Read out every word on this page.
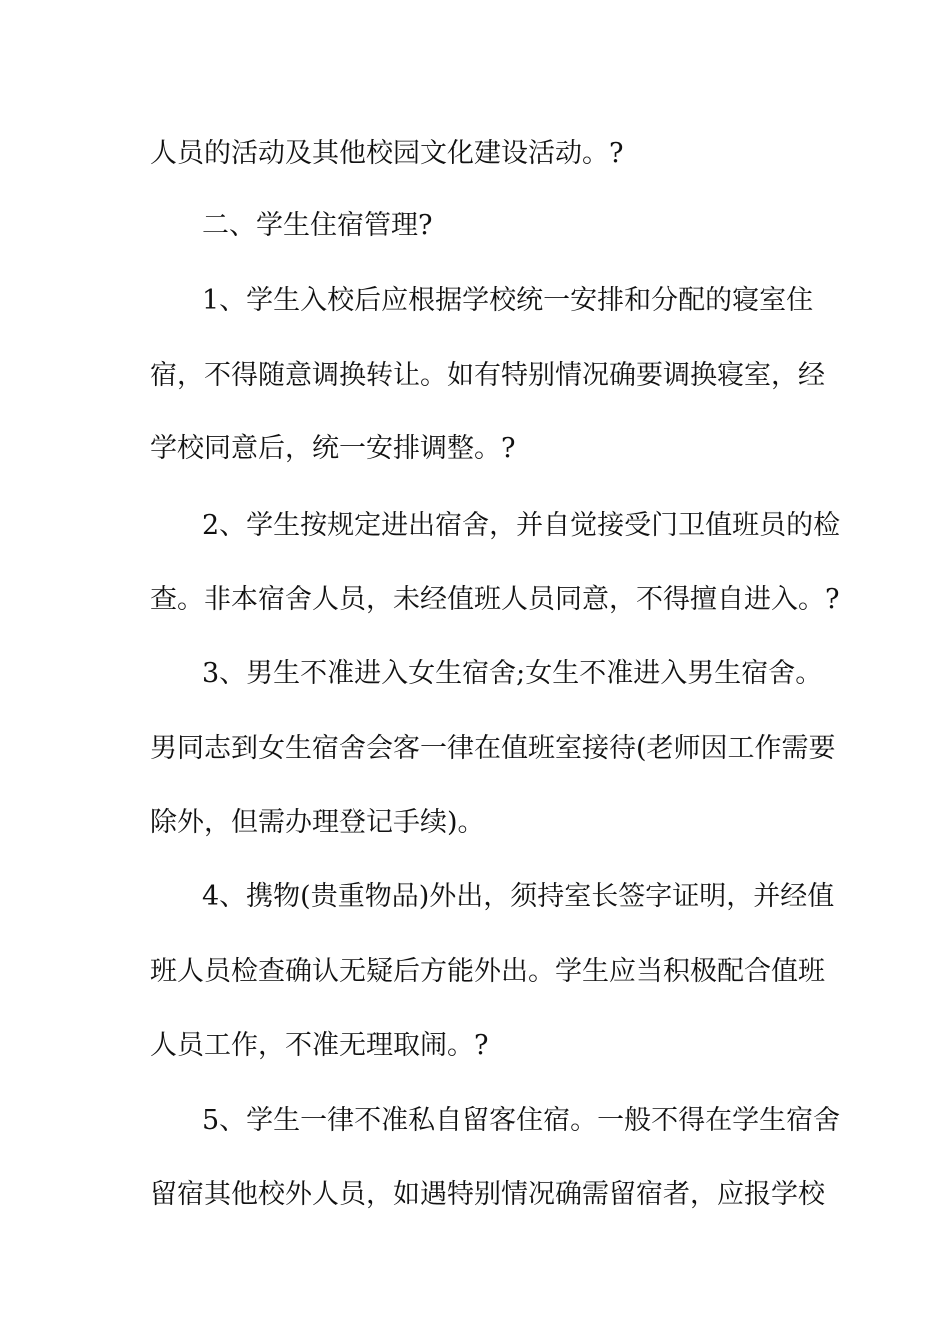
人员的活动及其他校园文化建设活动。?

二、学生住宿管理?

1、学生入校后应根据学校统一安排和分配的寝室住

宿，不得随意调换转让。如有特别情况确要调换寝室，经

学校同意后，统一安排调整。?

2、学生按规定进出宿舍，并自觉接受门卫值班员的检

查。非本宿舍人员，未经值班人员同意，不得擅自进入。?

3、男生不准进入女生宿舍;女生不准进入男生宿舍。

男同志到女生宿舍会客一律在值班室接待(老师因工作需要

除外，但需办理登记手续)。

4、携物(贵重物品)外出，须持室长签字证明，并经值

班人员检查确认无疑后方能外出。学生应当积极配合值班

人员工作，不准无理取闹。?

5、学生一律不准私自留客住宿。一般不得在学生宿舍

留宿其他校外人员，如遇特别情况确需留宿者，应报学校
